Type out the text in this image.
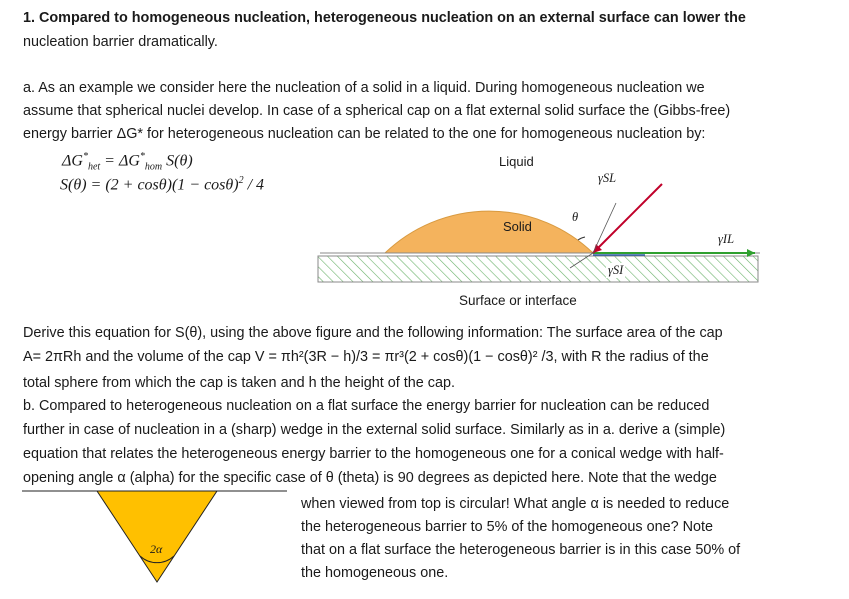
1. Compared to homogeneous nucleation, heterogeneous nucleation on an external surface can lower the
nucleation barrier dramatically.
a. As an example we consider here the nucleation of a solid in a liquid. During homogeneous nucleation we
assume that spherical nuclei develop. In case of a spherical cap on a flat external solid surface the (Gibbs-free)
energy barrier ΔG* for heterogeneous nucleation can be related to the one for homogeneous nucleation by:
$\Delta G^*_{het} = \Delta G^*_{hom}$ S(θ)
$S(\theta) = (2 + \cos\theta)(1 - \cos\theta)^2 / 4$
Liquid
Solid
θ
γSL
γIL
γSI
Surface or interface
Derive this equation for S(θ), using the above figure and the following information: The surface area of the cap
A= 2πRh and the volume of the cap V = πh²(3R − h)/3 = πr³(2 + cosθ)(1 − cosθ)² /3, with R the radius of the
total sphere from which the cap is taken and h the height of the cap.
b. Compared to heterogeneous nucleation on a flat surface the energy barrier for nucleation can be reduced
further in case of nucleation in a (sharp) wedge in the external solid surface. Similarly as in a. derive a (simple)
equation that relates the heterogeneous energy barrier to the homogeneous one for a conical wedge with half-
opening angle α (alpha) for the specific case of θ (theta) is 90 degrees as depicted here. Note that the wedge
2α
when viewed from top is circular! What angle α is needed to reduce
the heterogeneous barrier to 5% of the homogeneous one? Note
that on a flat surface the heterogeneous barrier is in this case 50% of
the homogeneous one.
